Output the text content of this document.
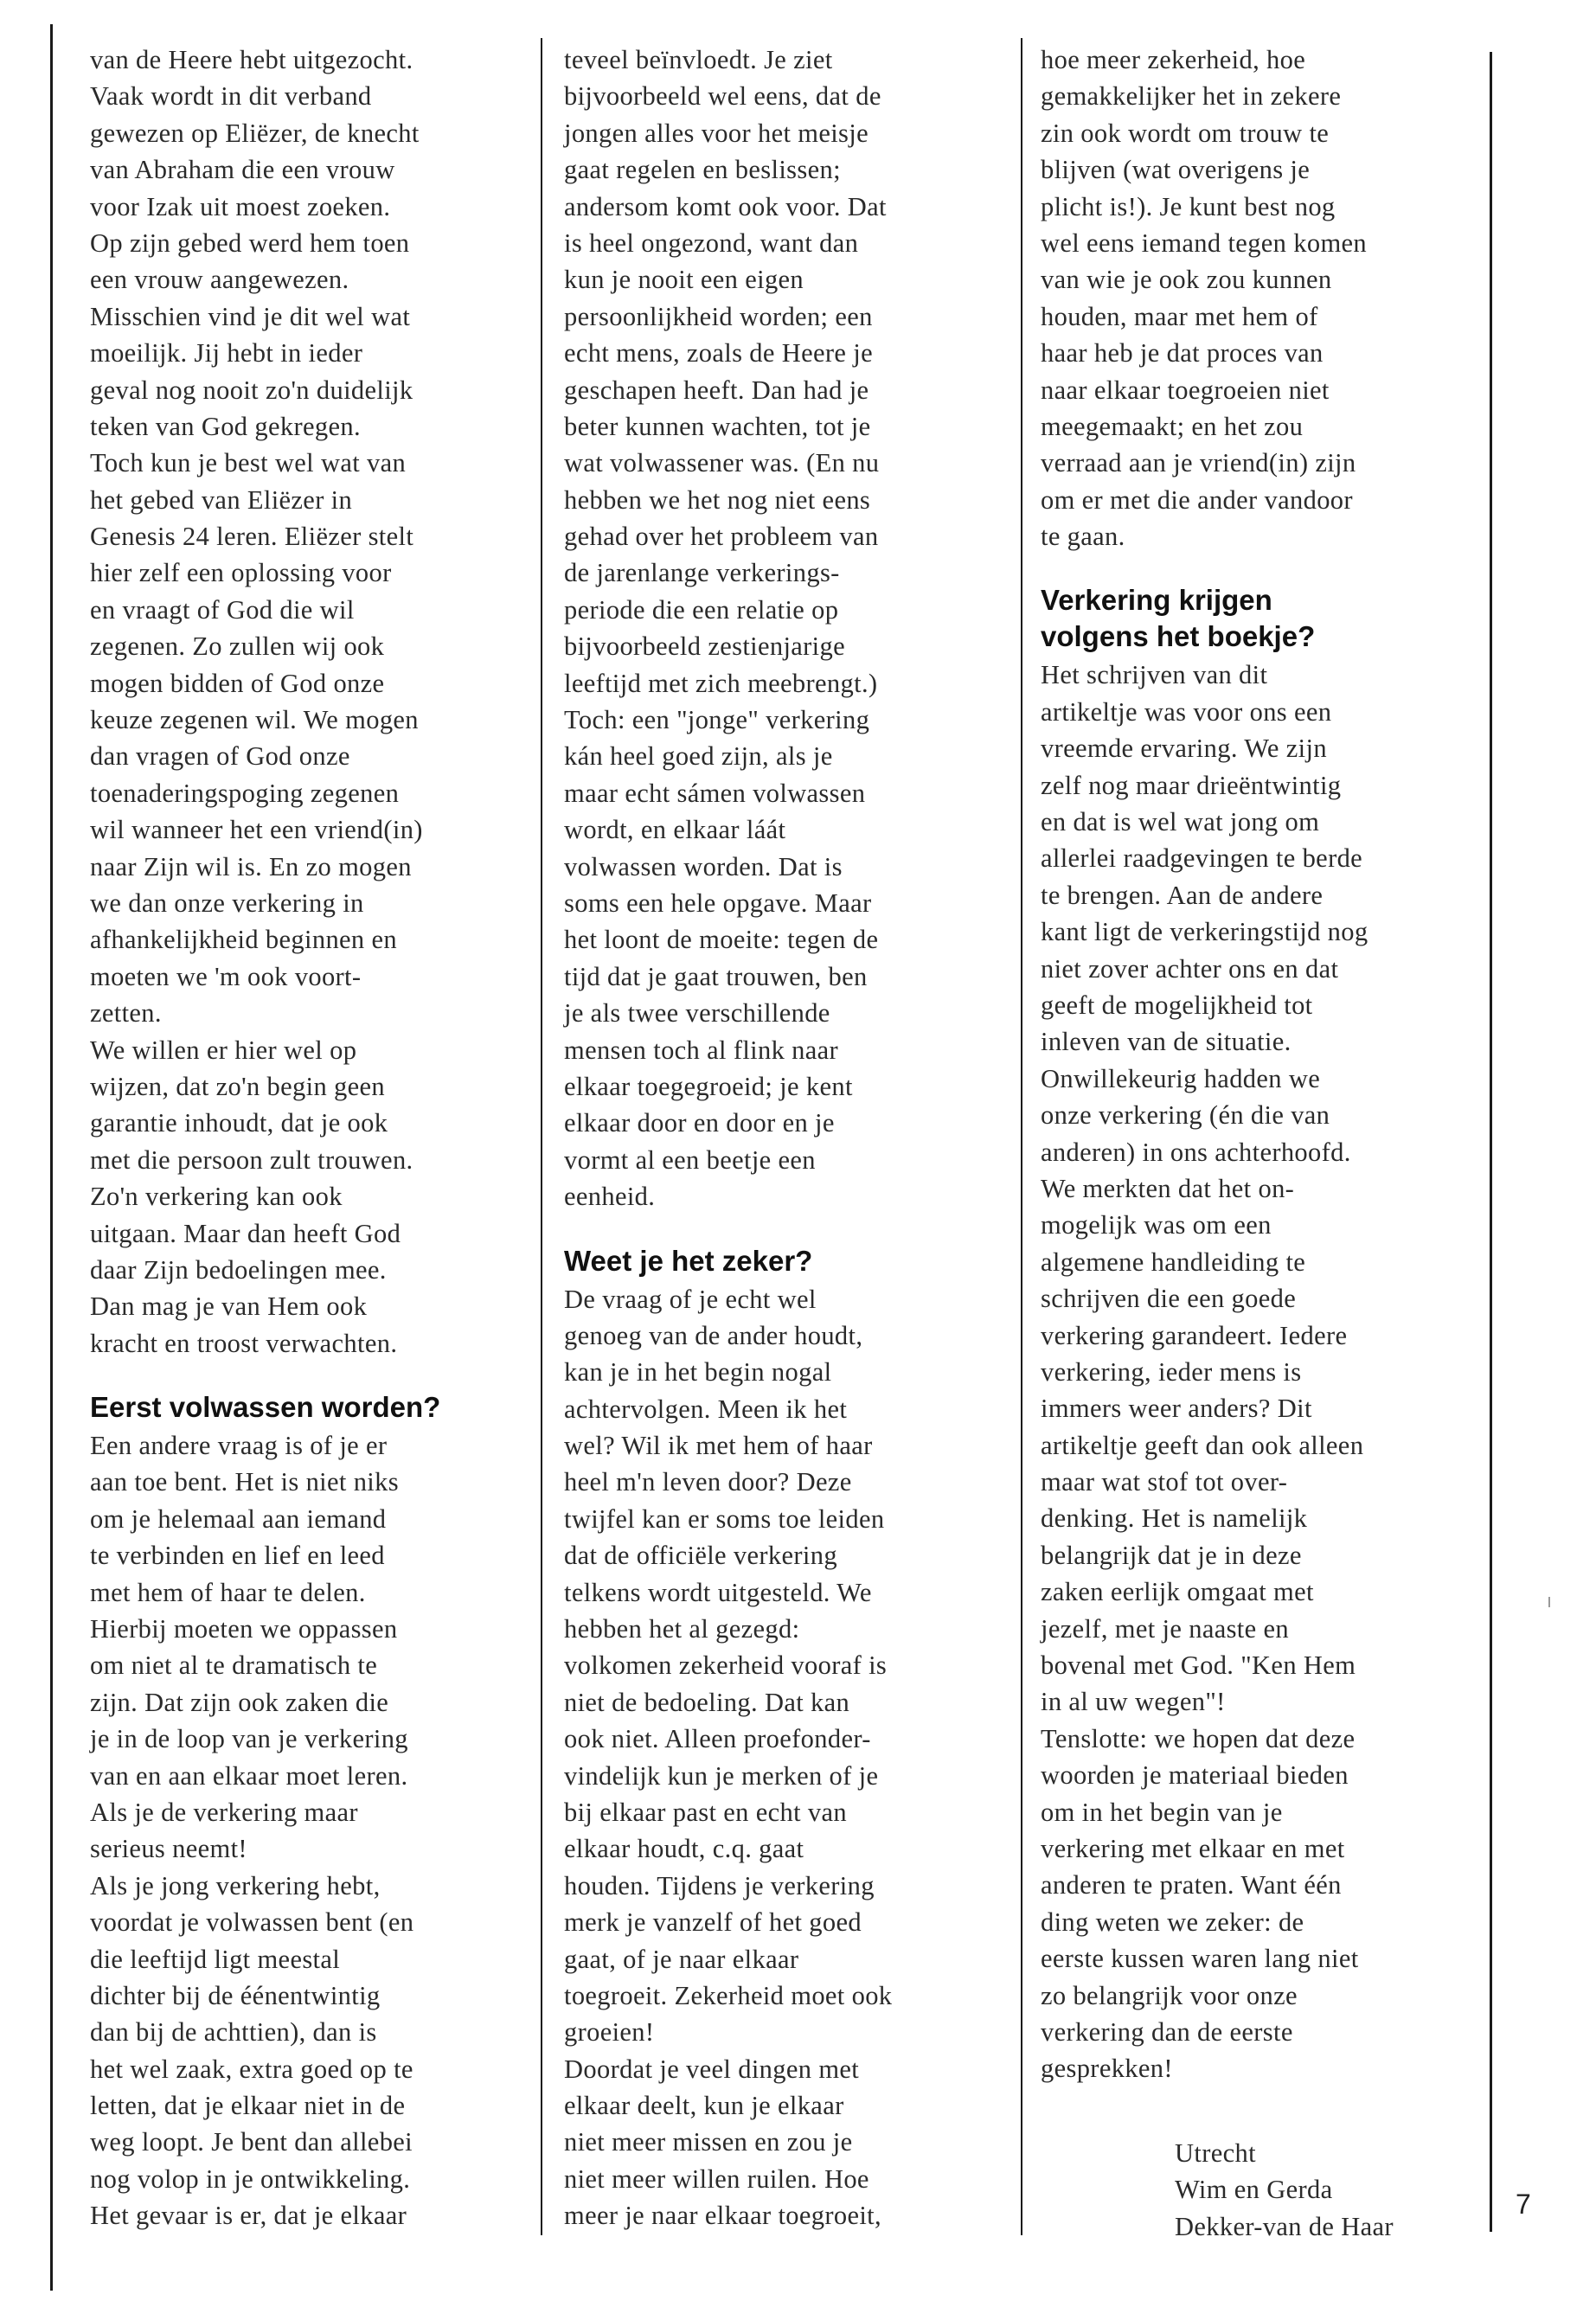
van de Heere hebt uitgezocht.
Vaak wordt in dit verband
gewezen op Eliëzer, de knecht
van Abraham die een vrouw
voor Izak uit moest zoeken.
Op zijn gebed werd hem toen
een vrouw aangewezen.
Misschien vind je dit wel wat
moeilijk. Jij hebt in ieder
geval nog nooit zo'n duidelijk
teken van God gekregen.
Toch kun je best wel wat van
het gebed van Eliëzer in
Genesis 24 leren. Eliëzer stelt
hier zelf een oplossing voor
en vraagt of God die wil
zegenen. Zo zullen wij ook
mogen bidden of God onze
keuze zegenen wil. We mogen
dan vragen of God onze
toenaderingspoging zegenen
wil wanneer het een vriend(in)
naar Zijn wil is. En zo mogen
we dan onze verkering in
afhankelijkheid beginnen en
moeten we 'm ook voort-
zetten.
We willen er hier wel op
wijzen, dat zo'n begin geen
garantie inhoudt, dat je ook
met die persoon zult trouwen.
Zo'n verkering kan ook
uitgaan. Maar dan heeft God
daar Zijn bedoelingen mee.
Dan mag je van Hem ook
kracht en troost verwachten.
Eerst volwassen worden?
Een andere vraag is of je er
aan toe bent. Het is niet niks
om je helemaal aan iemand
te verbinden en lief en leed
met hem of haar te delen.
Hierbij moeten we oppassen
om niet al te dramatisch te
zijn. Dat zijn ook zaken die
je in de loop van je verkering
van en aan elkaar moet leren.
Als je de verkering maar
serieus neemt!
Als je jong verkering hebt,
voordat je volwassen bent (en
die leeftijd ligt meestal
dichter bij de éénentwintig
dan bij de achttien), dan is
het wel zaak, extra goed op te
letten, dat je elkaar niet in de
weg loopt. Je bent dan allebei
nog volop in je ontwikkeling.
Het gevaar is er, dat je elkaar
teveel beïnvloedt. Je ziet
bijvoorbeeld wel eens, dat de
jongen alles voor het meisje
gaat regelen en beslissen;
andersom komt ook voor. Dat
is heel ongezond, want dan
kun je nooit een eigen
persoonlijkheid worden; een
echt mens, zoals de Heere je
geschapen heeft. Dan had je
beter kunnen wachten, tot je
wat volwassener was. (En nu
hebben we het nog niet eens
gehad over het probleem van
de jarenlange verkerings-
periode die een relatie op
bijvoorbeeld zestienjarige
leeftijd met zich meebrengt.)
Toch: een "jonge" verkering
kán heel goed zijn, als je
maar echt sámen volwassen
wordt, en elkaar láát
volwassen worden. Dat is
soms een hele opgave. Maar
het loont de moeite: tegen de
tijd dat je gaat trouwen, ben
je als twee verschillende
mensen toch al flink naar
elkaar toegegroeid; je kent
elkaar door en door en je
vormt al een beetje een
eenheid.
Weet je het zeker?
De vraag of je echt wel
genoeg van de ander houdt,
kan je in het begin nogal
achtervolgen. Meen ik het
wel? Wil ik met hem of haar
heel m'n leven door? Deze
twijfel kan er soms toe leiden
dat de officiële verkering
telkens wordt uitgesteld. We
hebben het al gezegd:
volkomen zekerheid vooraf is
niet de bedoeling. Dat kan
ook niet. Alleen proefonder-
vindelijk kun je merken of je
bij elkaar past en echt van
elkaar houdt, c.q. gaat
houden. Tijdens je verkering
merk je vanzelf of het goed
gaat, of je naar elkaar
toegroeit. Zekerheid moet ook
groeien!
Doordat je veel dingen met
elkaar deelt, kun je elkaar
niet meer missen en zou je
niet meer willen ruilen. Hoe
meer je naar elkaar toegroeit,
hoe meer zekerheid, hoe
gemakkelijker het in zekere
zin ook wordt om trouw te
blijven (wat overigens je
plicht is!). Je kunt best nog
wel eens iemand tegen komen
van wie je ook zou kunnen
houden, maar met hem of
haar heb je dat proces van
naar elkaar toegroeien niet
meegemaakt; en het zou
verraad aan je vriend(in) zijn
om er met die ander vandoor
te gaan.
Verkering krijgen
volgens het boekje?
Het schrijven van dit
artikeltje was voor ons een
vreemde ervaring. We zijn
zelf nog maar drieëntwintig
en dat is wel wat jong om
allerlei raadgevingen te berde
te brengen. Aan de andere
kant ligt de verkeringstijd nog
niet zover achter ons en dat
geeft de mogelijkheid tot
inleven van de situatie.
Onwillekeurig hadden we
onze verkering (én die van
anderen) in ons achterhoofd.
We merkten dat het on-
mogelijk was om een
algemene handleiding te
schrijven die een goede
verkering garandeert. Iedere
verkering, ieder mens is
immers weer anders? Dit
artikeltje geeft dan ook alleen
maar wat stof tot over-
denking. Het is namelijk
belangrijk dat je in deze
zaken eerlijk omgaat met
jezelf, met je naaste en
bovenal met God. "Ken Hem
in al uw wegen"!
Tenslotte: we hopen dat deze
woorden je materiaal bieden
om in het begin van je
verkering met elkaar en met
anderen te praten. Want één
ding weten we zeker: de
eerste kussen waren lang niet
zo belangrijk voor onze
verkering dan de eerste
gesprekken!
Utrecht
Wim en Gerda
Dekker-van de Haar
7
